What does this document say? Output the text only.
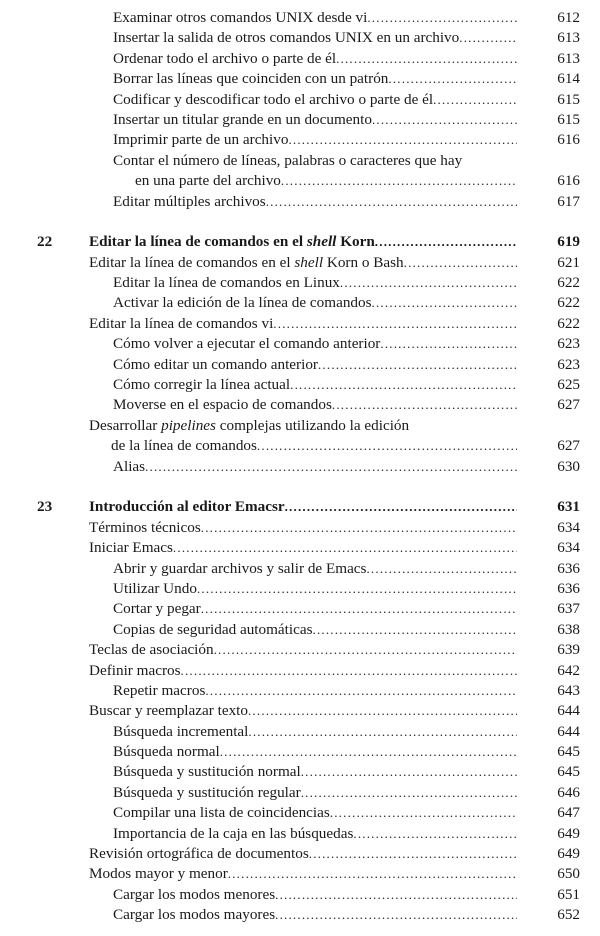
612
Examinar otros comandos UNIX desde vi
.....
613
Insertar la salida de otros comandos UNIX en un archivo
.....
613
Ordenar todo el archivo o parte de él
.....
614
Borrar las líneas que coinciden con un patrón
.....
615
Codificar y descodificar todo el archivo o parte de él
.....
615
Insertar un titular grande en un documento
.....
616
Imprimir parte de un archivo
.....
Contar el número de líneas, palabras o caracteres que hay
616
en una parte del archivo
.....
617
Editar múltiples archivos
.....
22	619
Editar la línea de comandos en el shell Korn
.....
621
Editar la línea de comandos en el shell Korn o Bash
.....
622
Editar la línea de comandos en Linux
.....
622
Activar la edición de la línea de comandos
.....
622
Editar la línea de comandos vi
.....
623
Cómo volver a ejecutar el comando anterior
.....
623
Cómo editar un comando anterior
.....
625
Cómo corregir la línea actual
.....
627
Moverse en el espacio de comandos
.....
Desarrollar pipelines complejas utilizando la edición
627
de la línea de comandos
.....
630
Alias
.....
23	631
Introducción al editor Emacsr
.....
634
Términos técnicos
.....
634
Iniciar Emacs
.....
636
Abrir y guardar archivos y salir de Emacs
.....
636
Utilizar Undo
.....
637
Cortar y pegar
.....
638
Copias de seguridad automáticas
.....
639
Teclas de asociación
.....
642
Definir macros
.....
643
Repetir macros
.....
644
Buscar y reemplazar texto
.....
644
Búsqueda incremental
.....
645
Búsqueda normal
.....
645
Búsqueda y sustitución normal
.....
646
Búsqueda y sustitución regular
.....
647
Compilar una lista de coincidencias
.....
649
Importancia de la caja en las búsquedas
.....
649
Revisión ortográfica de documentos
.....
650
Modos mayor y menor
.....
651
Cargar los modos menores
.....
652
Cargar los modos mayores
.....
